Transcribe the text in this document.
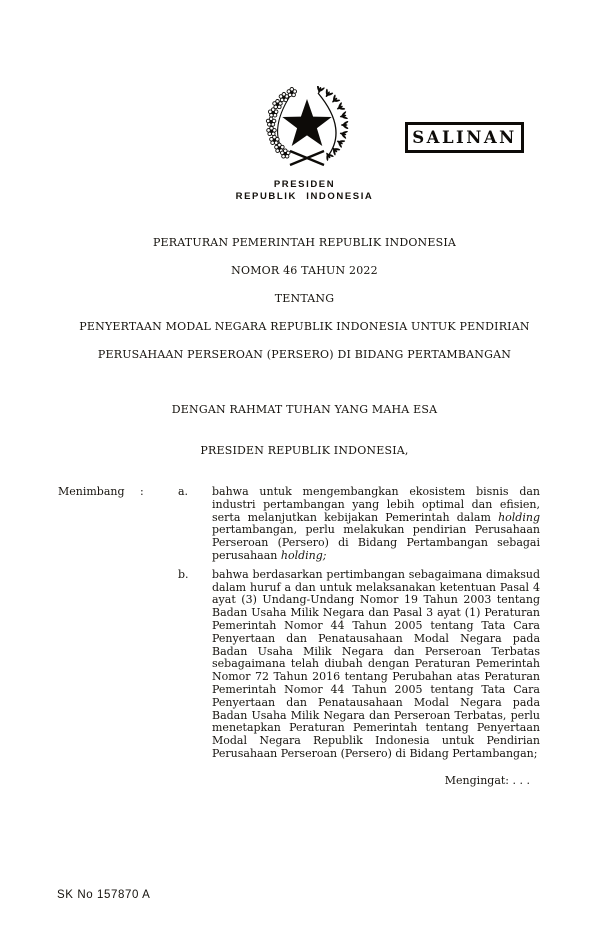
SALINAN
PRESIDEN
REPUBLIK INDONESIA
PERATURAN PEMERINTAH REPUBLIK INDONESIA
NOMOR 46 TAHUN 2022
TENTANG
PENYERTAAN MODAL NEGARA REPUBLIK INDONESIA UNTUK PENDIRIAN
PERUSAHAAN PERSEROAN (PERSERO) DI BIDANG PERTAMBANGAN
DENGAN RAHMAT TUHAN YANG MAHA ESA
PRESIDEN REPUBLIK INDONESIA,
Menimbang	:	a.	bahwa untuk mengembangkan ekosistem bisnis dan industri pertambangan yang lebih optimal dan efisien, serta melanjutkan kebijakan Pemerintah dalam holding pertambangan, perlu melakukan pendirian Perusahaan Perseroan (Persero) di Bidang Pertambangan sebagai perusahaan holding;
b.	bahwa berdasarkan pertimbangan sebagaimana dimaksud dalam huruf a dan untuk melaksanakan ketentuan Pasal 4 ayat (3) Undang-Undang Nomor 19 Tahun 2003 tentang Badan Usaha Milik Negara dan Pasal 3 ayat (1) Peraturan Pemerintah Nomor 44 Tahun 2005 tentang Tata Cara Penyertaan dan Penatausahaan Modal Negara pada Badan Usaha Milik Negara dan Perseroan Terbatas sebagaimana telah diubah dengan Peraturan Pemerintah Nomor 72 Tahun 2016 tentang Perubahan atas Peraturan Pemerintah Nomor 44 Tahun 2005 tentang Tata Cara Penyertaan dan Penatausahaan Modal Negara pada Badan Usaha Milik Negara dan Perseroan Terbatas, perlu menetapkan Peraturan Pemerintah tentang Penyertaan Modal Negara Republik Indonesia untuk Pendirian Perusahaan Perseroan (Persero) di Bidang Pertambangan;
Mengingat: . . .
SK No 157870 A
